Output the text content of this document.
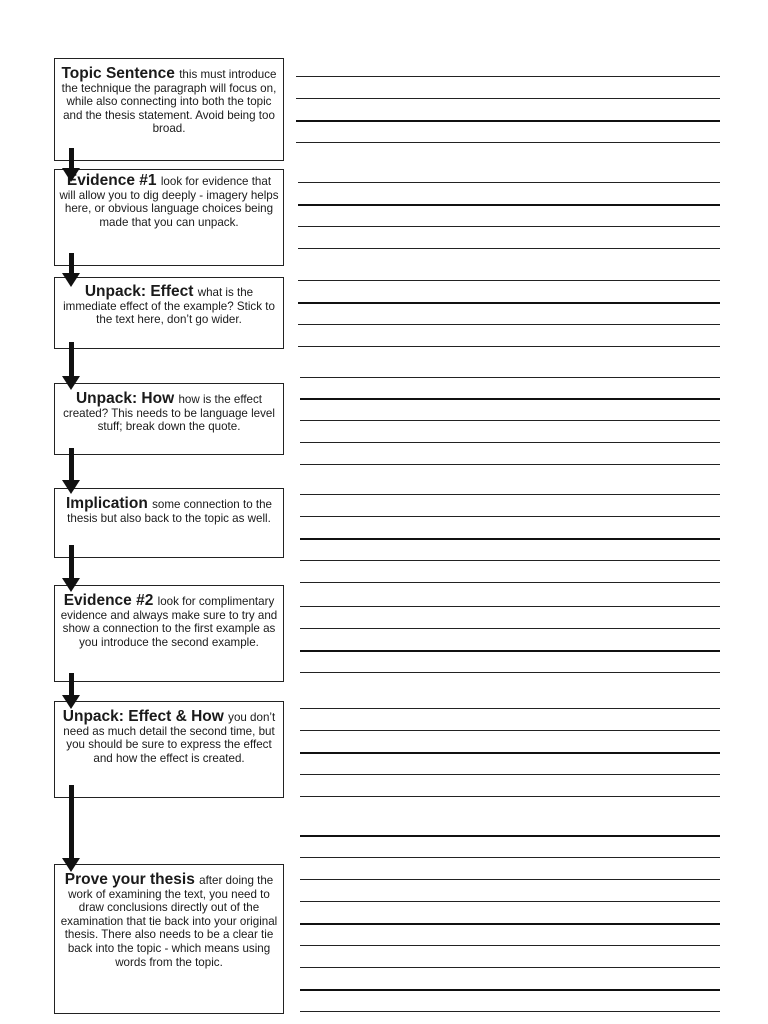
Topic Sentence this must introduce the technique the paragraph will focus on, while also connecting into both the topic and the thesis statement. Avoid being too broad.
Evidence #1 look for evidence that will allow you to dig deeply - imagery helps here, or obvious language choices being made that you can unpack.
Unpack: Effect what is the immediate effect of the example? Stick to the text here, don’t go wider.
Unpack: How how is the effect created? This needs to be language level stuff; break down the quote.
Implication some connection to the thesis but also back to the topic as well.
Evidence #2 look for complimentary evidence and always make sure to try and show a connection to the first example as you introduce the second example.
Unpack: Effect & How you don’t need as much detail the second time, but you should be sure to express the effect and how the effect is created.
Prove your thesis after doing the work of examining the text, you need to draw conclusions directly out of the examination that tie back into your original thesis. There also needs to be a clear tie back into the topic - which means using words from the topic.
